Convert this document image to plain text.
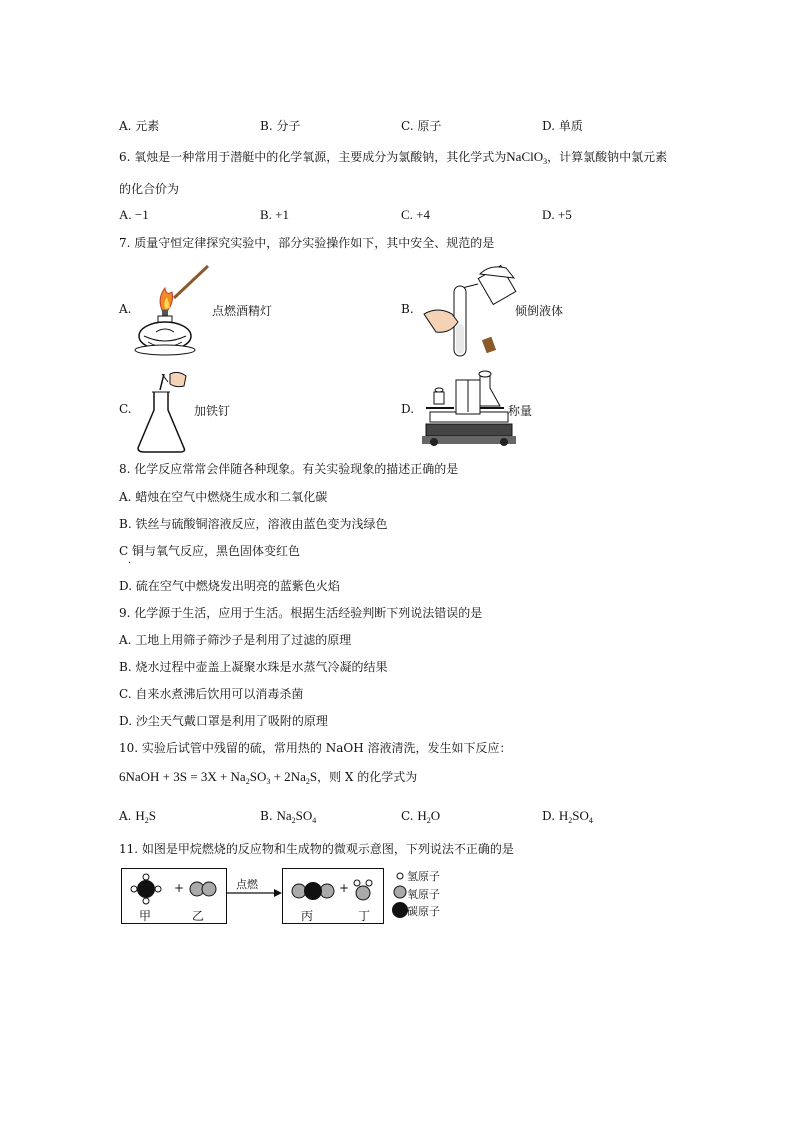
A. 元素	B. 分子	C. 原子	D. 单质
6. 氧烛是一种常用于潜艇中的化学氧源，主要成分为氯酸钠，其化学式为NaClO$_3$，计算氯酸钠中氯元素
的化合价为
A. −1	B. +1	C. +4	D. +5
7. 质量守恒定律探究实验中，部分实验操作如下，其中安全、规范的是
A.	点燃酒精灯	B.	倾倒液体
C.	加铁钉	D.	称量
8. 化学反应常常会伴随各种现象。有关实验现象的描述正确的是
A. 蜡烛在空气中燃烧生成水和二氧化碳
B. 铁丝与硫酸铜溶液反应，溶液由蓝色变为浅绿色
C 铜与氧气反应，黑色固体变红色
·
D. 硫在空气中燃烧发出明亮的蓝紫色火焰
9. 化学源于生活，应用于生活。根据生活经验判断下列说法错误的是
A. 工地上用筛子筛沙子是利用了过滤的原理
B. 烧水过程中壶盖上凝聚水珠是水蒸气冷凝的结果
C. 自来水煮沸后饮用可以消毒杀菌
D. 沙尘天气戴口罩是利用了吸附的原理
10. 实验后试管中残留的硫，常用热的 NaOH 溶液清洗，发生如下反应：
6NaOH + $3S = 3X + Na_2SO_3 + 2Na_2S$，则 X 的化学式为
A. $H_2S$	B. $Na_2SO_4$	C. $H_2O$	D. $H_2SO_4$
11. 如图是甲烷燃烧的反应物和生成物的微观示意图，下列说法不正确的是
+
甲	乙
点燃	+
丙	丁
氢原子
氧原子
碳原子
